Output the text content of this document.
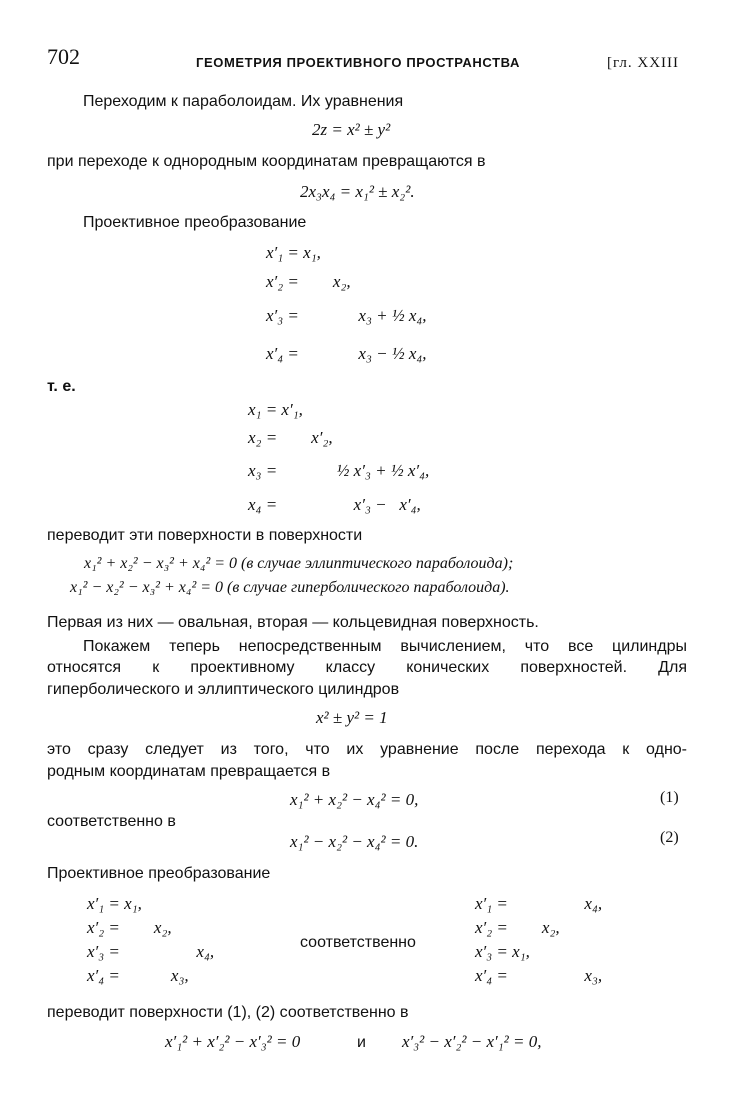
702	ГЕОМЕТРИЯ ПРОЕКТИВНОГО ПРОСТРАНСТВА	[гл. XXIII
Переходим к параболоидам. Их уравнения
2z = x² ± y²
при переходе к однородным координатам превращаются в
2x₃x₄ = x₁² ± x₂².
Проективное преобразование
x′₁ = x₁,
x′₂ =        x₂,
x′₃ =              x₃ + ½ x₄,
x′₄ =              x₃ − ½ x₄,
т. е.
x₁ = x′₁,
x₂ =        x′₂,
x₃ =              ½ x′₃ + ½ x′₄,
x₄ =                  x′₃ −   x′₄,
переводит эти поверхности в поверхности
x₁² + x₂² − x₃² + x₄² = 0 (в случае эллиптического параболоида);
x₁² − x₂² − x₃² + x₄² = 0 (в случае гиперболического параболоида).
Первая из них — овальная, вторая — кольцевидная поверхность.
Покажем теперь непосредственным вычислением, что все цилиндры
относятся к проективному классу конических поверхностей. Для
гиперболического и эллиптического цилиндров
x² ± y² = 1
это сразу следует из того, что их уравнение после перехода к одно-
родным координатам превращается в
x₁² + x₂² − x₄² = 0,	(1)
соответственно в
x₁² − x₂² − x₄² = 0.	(2)
Проективное преобразование
x′₁ = x₁,
x′₂ =        x₂,
x′₃ =                  x₄,
x′₄ =            x₃,
соответственно
x′₁ =                  x₄,
x′₂ =        x₂,
x′₃ = x₁,
x′₄ =                  x₃,
переводит поверхности (1), (2) соответственно в
x′₁² + x′₂² − x′₃² = 0	и x′₃² − x′₂² − x′₁² = 0,
